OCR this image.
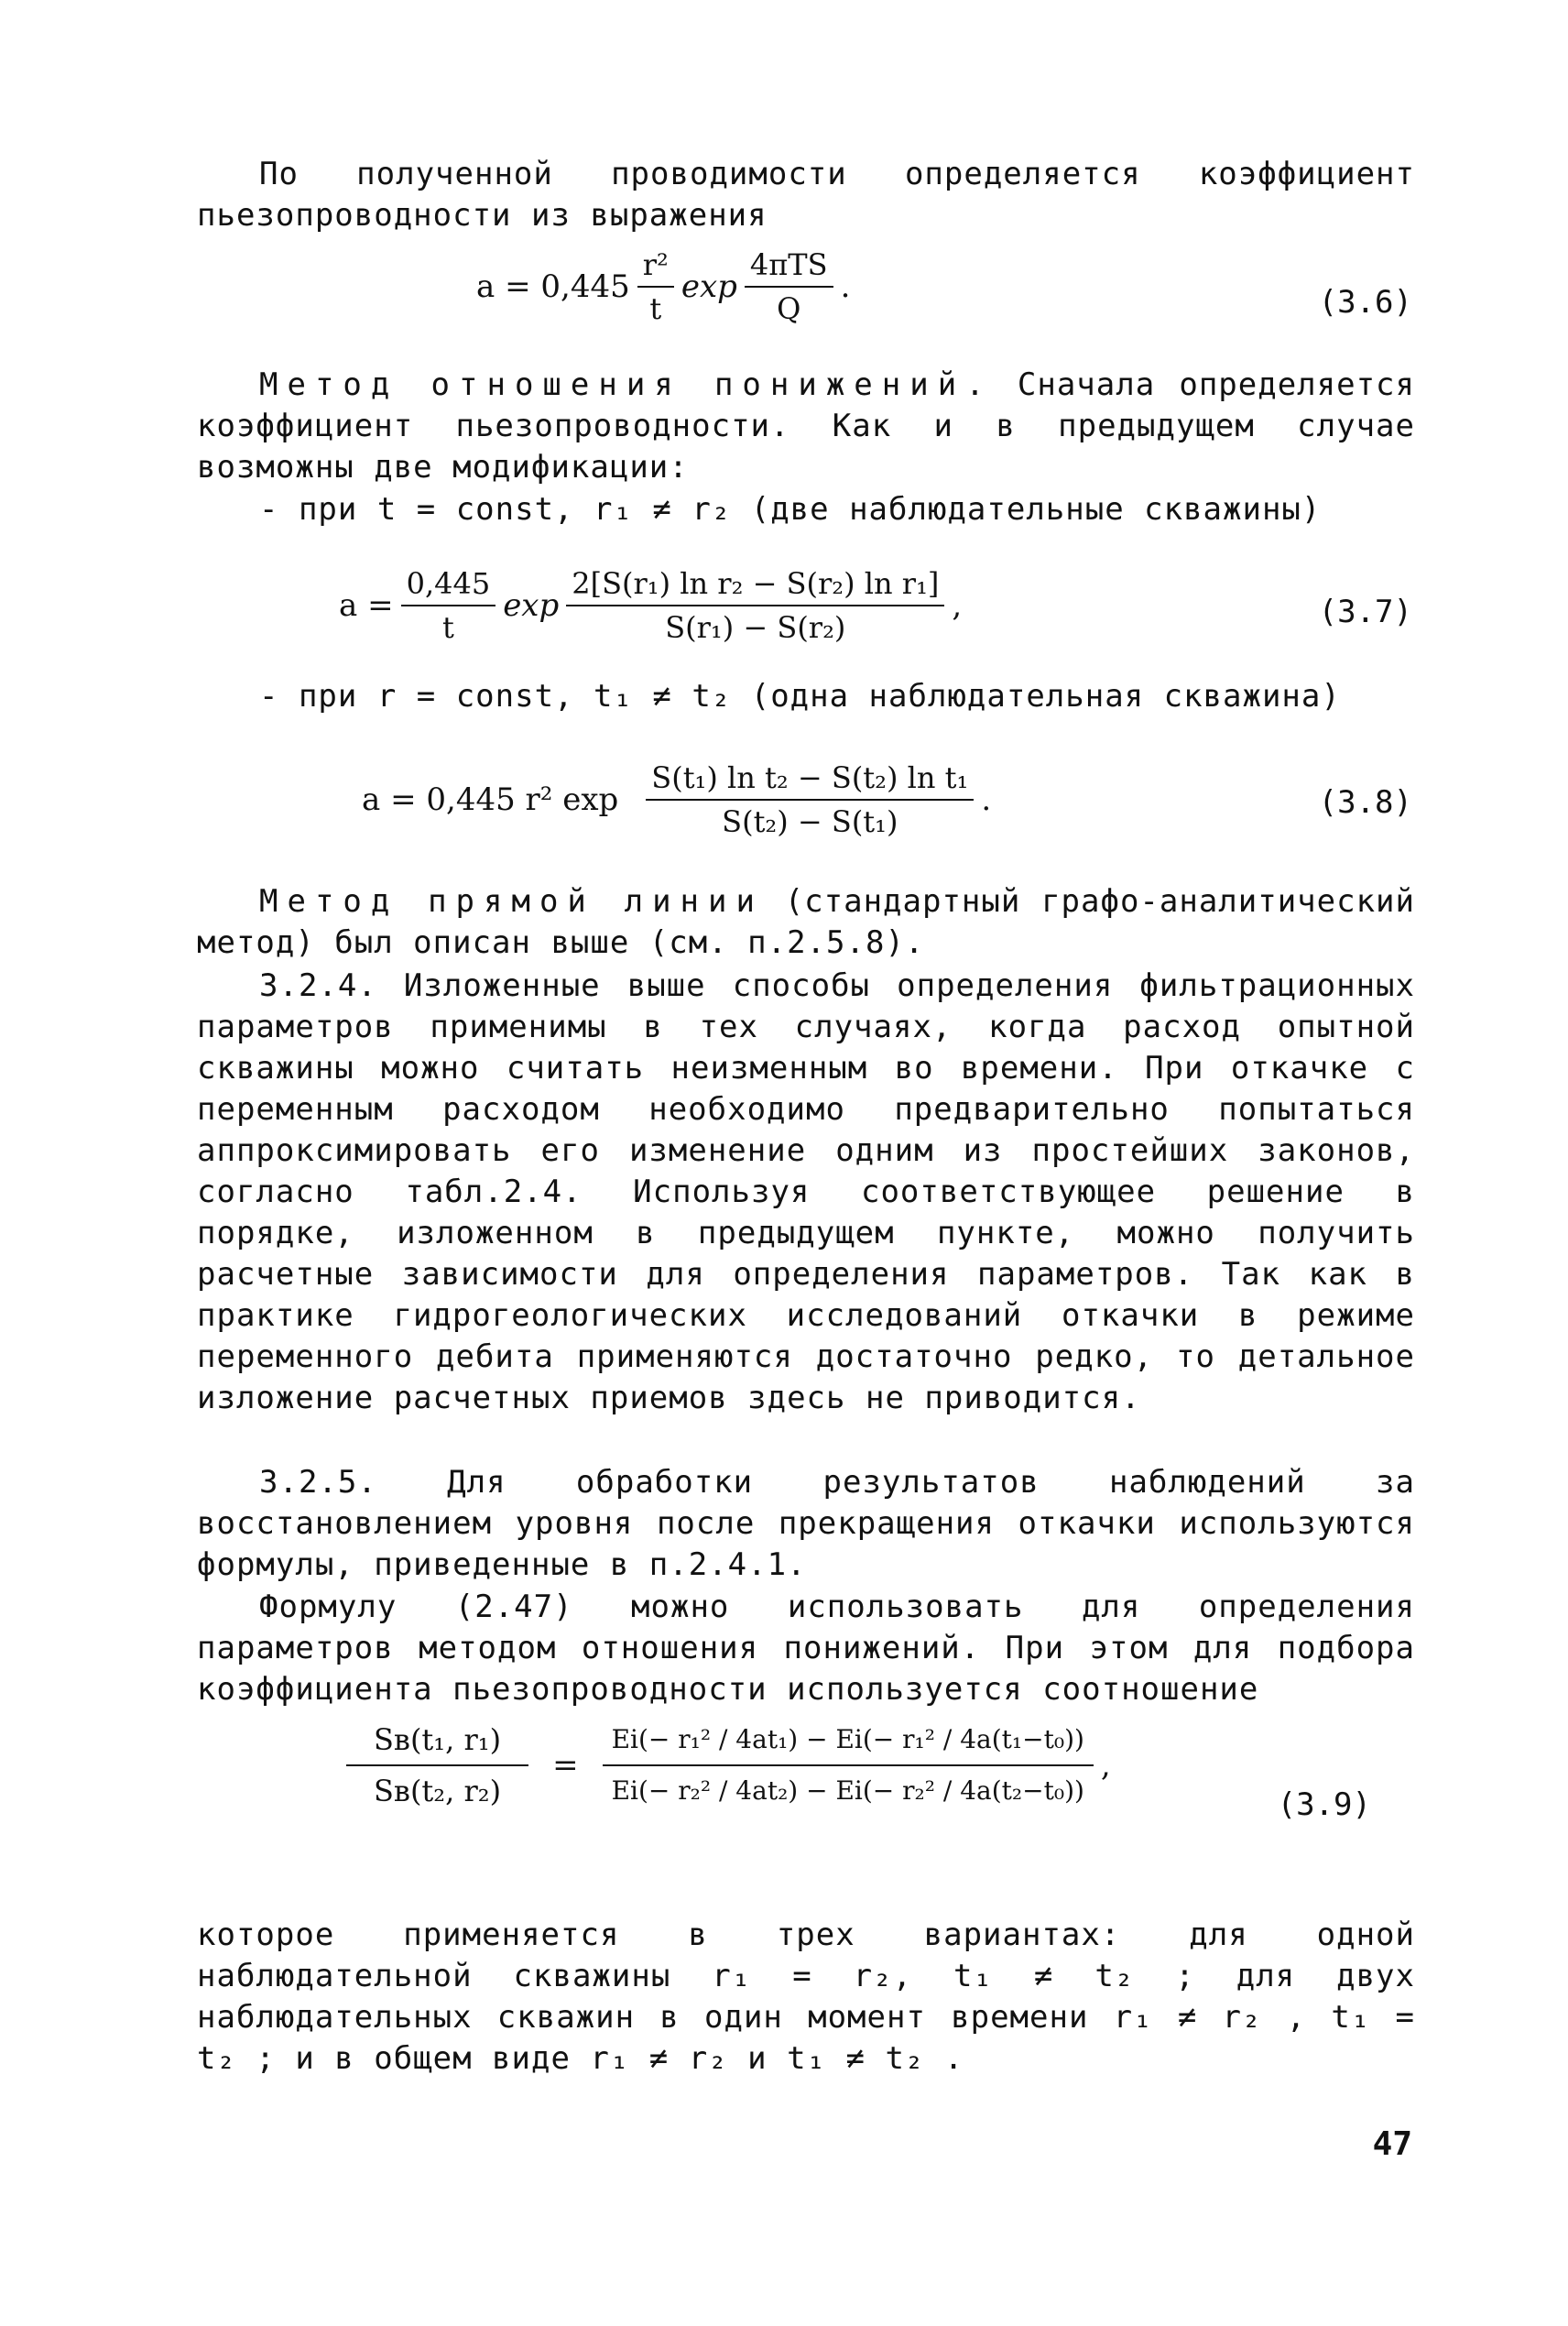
По полученной проводимости определяется коэффициент пьезопроводности из выражения

$a = 0,445 \frac{\text{r²}}{t}$ $\exp \frac{\text{4πTS}}{Q}$ .	(3.6)

Метод отношения понижений. Сначала определяется коэффициент пьезопроводности. Как и в предыдущем случае возможны две модификации:

- при t = const, r₁ ≠ r₂ (две наблюдательные скважины)

$a = \frac{0,445}{t}$ $\exp \frac{\text{2[S(r₁) ln r₂ − S(r₂) ln r₁]}}{\text{S(r₁) − S(r₂)}}$ ,	(3.7)

- при r = const, t₁ ≠ t₂ (одна наблюдательная скважина)

a = 0,445 r² $\exp \frac{\text{S(t₁) ln t₂ − S(t₂) ln t₁}}{\text{S(t₂) − S(t₁)}}$ .	(3.8)

Метод прямой линии (стандартный графо-аналитический метод) был описан выше (см. п.2.5.8).

3.2.4. Изложенные выше способы определения фильтрационных параметров применимы в тех случаях, когда расход опытной скважины можно считать неизменным во времени. При откачке с переменным расходом необходимо предварительно попытаться аппроксимировать его изменение одним из простейших законов, согласно табл.2.4. Используя соответствующее решение в порядке, изложенном в предыдущем пункте, можно получить расчетные зависимости для определения параметров. Так как в практике гидрогеологических исследований откачки в режиме переменного дебита применяются достаточно редко, то детальное изложение расчетных приемов здесь не приводится.

3.2.5. Для обработки результатов наблюдений за восстановлением уровня после прекращения откачки используются формулы, приведенные в п.2.4.1.

Формулу (2.47) можно использовать для определения параметров методом отношения понижений. При этом для подбора коэффициента пьезопроводности используется соотношение

$\frac{\text{Sв(t₁, r₁)}}{\text{Sв(t₂, r₂)}} = \frac{\text{Ei(− r₁² / 4at₁) − Ei(− r₁² / 4a(t₁−t₀))}}{\text{Ei(− r₂² / 4at₂) − Ei(− r₂² / 4a(t₂−t₀))}}$ ,
(3.9)

которое применяется в трех вариантах: для одной наблюдательной скважины r₁ = r₂, t₁ ≠ t₂ ; для двух наблюдательных скважин в один момент времени r₁ ≠ r₂ , t₁ = t₂ ; и в общем виде r₁ ≠ r₂ и t₁ ≠ t₂ .

47
